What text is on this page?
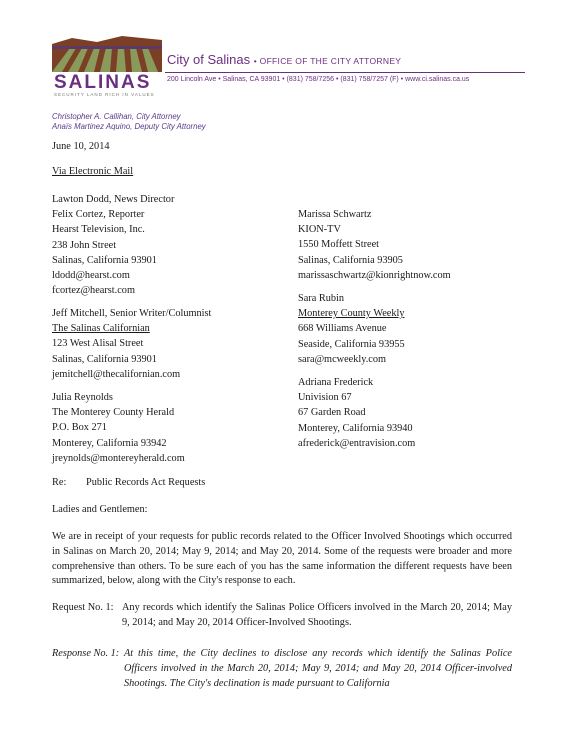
SALINAS
SECURITY LAND RICH IN VALUES
City of Salinas • OFFICE OF THE CITY ATTORNEY
200 Lincoln Ave • Salinas, CA 93901 • (831) 758/7256 • (831) 758/7257 (F) • www.ci.salinas.ca.us
Christopher A. Callihan, City Attorney
Anaïs Martinez Aquino, Deputy City Attorney
June 10, 2014
Via Electronic Mail
Lawton Dodd, News Director
Felix Cortez, Reporter
Hearst Television, Inc.
238 John Street
Salinas, California 93901
ldodd@hearst.com
fcortez@hearst.com
Jeff Mitchell, Senior Writer/Columnist
The Salinas Californian
123 West Alisal Street
Salinas, California 93901
jemitchell@thecalifornian.com
Julia Reynolds
The Monterey County Herald
P.O. Box 271
Monterey, California 93942
jreynolds@montereyherald.com
Marissa Schwartz
KION-TV
1550 Moffett Street
Salinas, California 93905
marissaschwartz@kionrightnow.com
Sara Rubin
Monterey County Weekly
668 Williams Avenue
Seaside, California 93955
sara@mcweekly.com
Adriana Frederick
Univision 67
67 Garden Road
Monterey, California 93940
afrederick@entravision.com
Re: Public Records Act Requests
Ladies and Gentlemen:
We are in receipt of your requests for public records related to the Officer Involved Shootings which occurred in Salinas on March 20, 2014; May 9, 2014; and May 20, 2014. Some of the requests were broader and more comprehensive than others. To be sure each of you has the same information the different requests have been summarized, below, along with the City's response to each.
Request No. 1: Any records which identify the Salinas Police Officers involved in the March 20, 2014; May 9, 2014; and May 20, 2014 Officer-Involved Shootings.
Response No. 1: At this time, the City declines to disclose any records which identify the Salinas Police Officers involved in the March 20, 2014; May 9, 2014; and May 20, 2014 Officer-involved Shootings. The City's declination is made pursuant to California
